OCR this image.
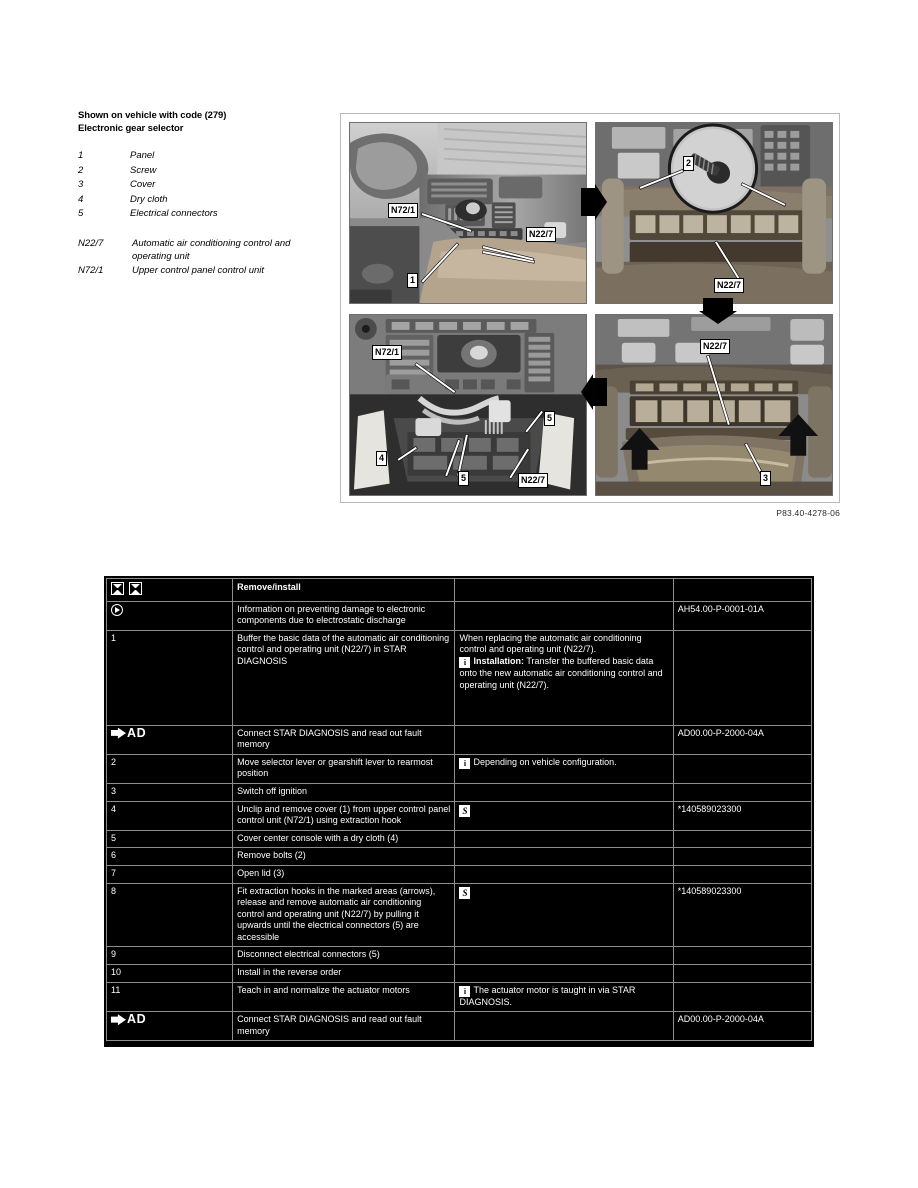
Shown on vehicle with code (279)
Electronic gear selector
1	Panel
2	Screw
3	Cover
4	Dry cloth
5	Electrical connectors
N22/7	Automatic air conditioning control and operating unit
N72/1	Upper control panel control unit
N72/1
1
N22/7
2
N22/7
N72/1
4
5
5	N22/7
N22/7
3
P83.40-4278-06
	Remove/install		
	Information on preventing damage to electronic components due to electrostatic discharge		AH54.00-P-0001-01A
1	Buffer the basic data of the automatic air conditioning control and operating unit (N22/7) in STAR DIAGNOSIS	When replacing the automatic air conditioning control and operating unit (N22/7).
i Installation: Transfer the buffered basic data onto the new automatic air conditioning control and operating unit (N22/7).	

AD	Connect STAR DIAGNOSIS and read out fault memory		AD00.00-P-2000-04A
2	Move selector lever or gearshift lever to rearmost position	i Depending on vehicle configuration.	
3	Switch off ignition		
4	Unclip and remove cover (1) from upper control panel control unit (N72/1) using extraction hook	S	*140589023300
5	Cover center console with a dry cloth (4)		
6	Remove bolts (2)		
7	Open lid (3)		
8	Fit extraction hooks in the marked areas (arrows), release and remove automatic air conditioning control and operating unit (N22/7) by pulling it upwards until the electrical connectors (5) are accessible	S	*140589023300
9	Disconnect electrical connectors (5)		
10	Install in the reverse order		
11	Teach in and normalize the actuator motors	i The actuator motor is taught in via STAR DIAGNOSIS.	
AD	Connect STAR DIAGNOSIS and read out fault memory		AD00.00-P-2000-04A
